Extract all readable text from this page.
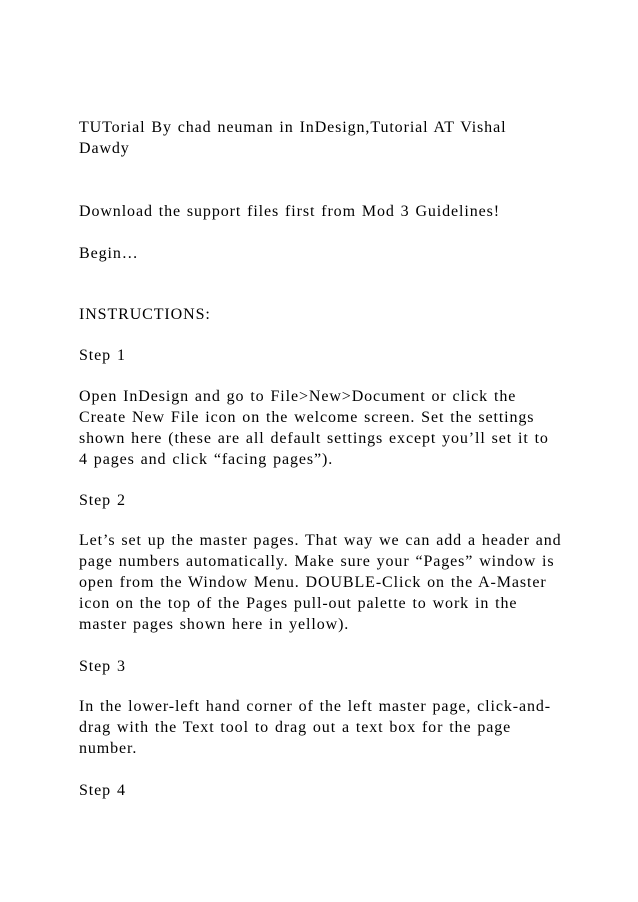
TUTorial By chad neuman in InDesign,Tutorial AT Vishal
Dawdy

Download the support files first from Mod 3 Guidelines!

Begin…

INSTRUCTIONS:

Step 1

Open InDesign and go to File>New>Document or click the
Create New File icon on the welcome screen. Set the settings
shown here (these are all default settings except you’ll set it to
4 pages and click “facing pages”).

Step 2

Let’s set up the master pages. That way we can add a header and
page numbers automatically. Make sure your “Pages” window is
open from the Window Menu. DOUBLE-Click on the A-Master
icon on the top of the Pages pull-out palette to work in the
master pages shown here in yellow).

Step 3

In the lower-left hand corner of the left master page, click-and-
drag with the Text tool to drag out a text box for the page
number.

Step 4
